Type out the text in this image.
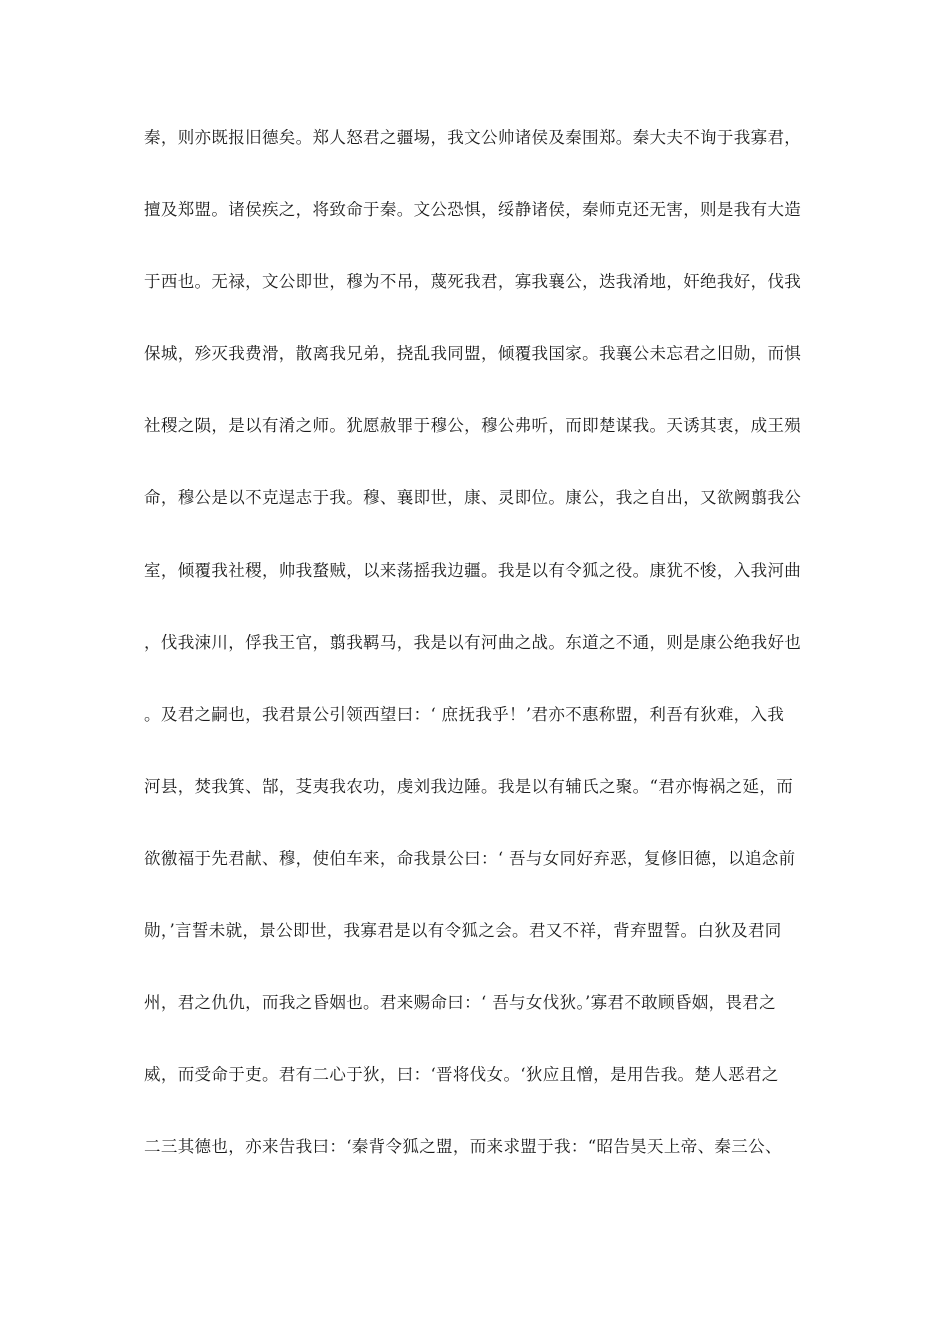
秦，则亦既报旧德矣。郑人怒君之疆埸，我文公帅诸侯及秦围郑。秦大夫不询于我寡君，
擅及郑盟。诸侯疾之，将致命于秦。文公恐惧，绥静诸侯，秦师克还无害，则是我有大造
于西也。无禄，文公即世，穆为不吊，蔑死我君，寡我襄公，迭我淆地，奸绝我好，伐我
保城，殄灭我费滑，散离我兄弟，挠乱我同盟，倾覆我国家。我襄公未忘君之旧勋，而惧
社稷之陨，是以有淆之师。犹愿赦罪于穆公，穆公弗听，而即楚谋我。天诱其衷，成王殒
命，穆公是以不克逞志于我。穆、襄即世，康、灵即位。康公，我之自出，又欲阙翦我公
室，倾覆我社稷，帅我蝥贼，以来荡摇我边疆。我是以有令狐之役。康犹不悛，入我河曲
，伐我涑川，俘我王官，翦我羁马，我是以有河曲之战。东道之不通，则是康公绝我好也
。及君之嗣也，我君景公引领西望曰：‘ 庶抚我乎！’君亦不惠称盟，利吾有狄难，入我
河县，焚我箕、郜，芟夷我农功，虔刘我边陲。我是以有辅氏之聚。“君亦悔祸之延，而
欲徼福于先君献、穆，使伯车来，命我景公曰：‘ 吾与女同好弃恶，复修旧德，以追念前
勋，’言誓未就，景公即世，我寡君是以有令狐之会。君又不祥，背弃盟誓。白狄及君同
州，君之仇仇，而我之昏姻也。君来赐命曰：‘ 吾与女伐狄。’寡君不敢顾昏姻，畏君之
威，而受命于吏。君有二心于狄，曰：‘晋将伐女。‘狄应且憎，是用告我。楚人恶君之
二三其德也，亦来告我曰：‘秦背令狐之盟，而来求盟于我：“昭告昊天上帝、秦三公、
